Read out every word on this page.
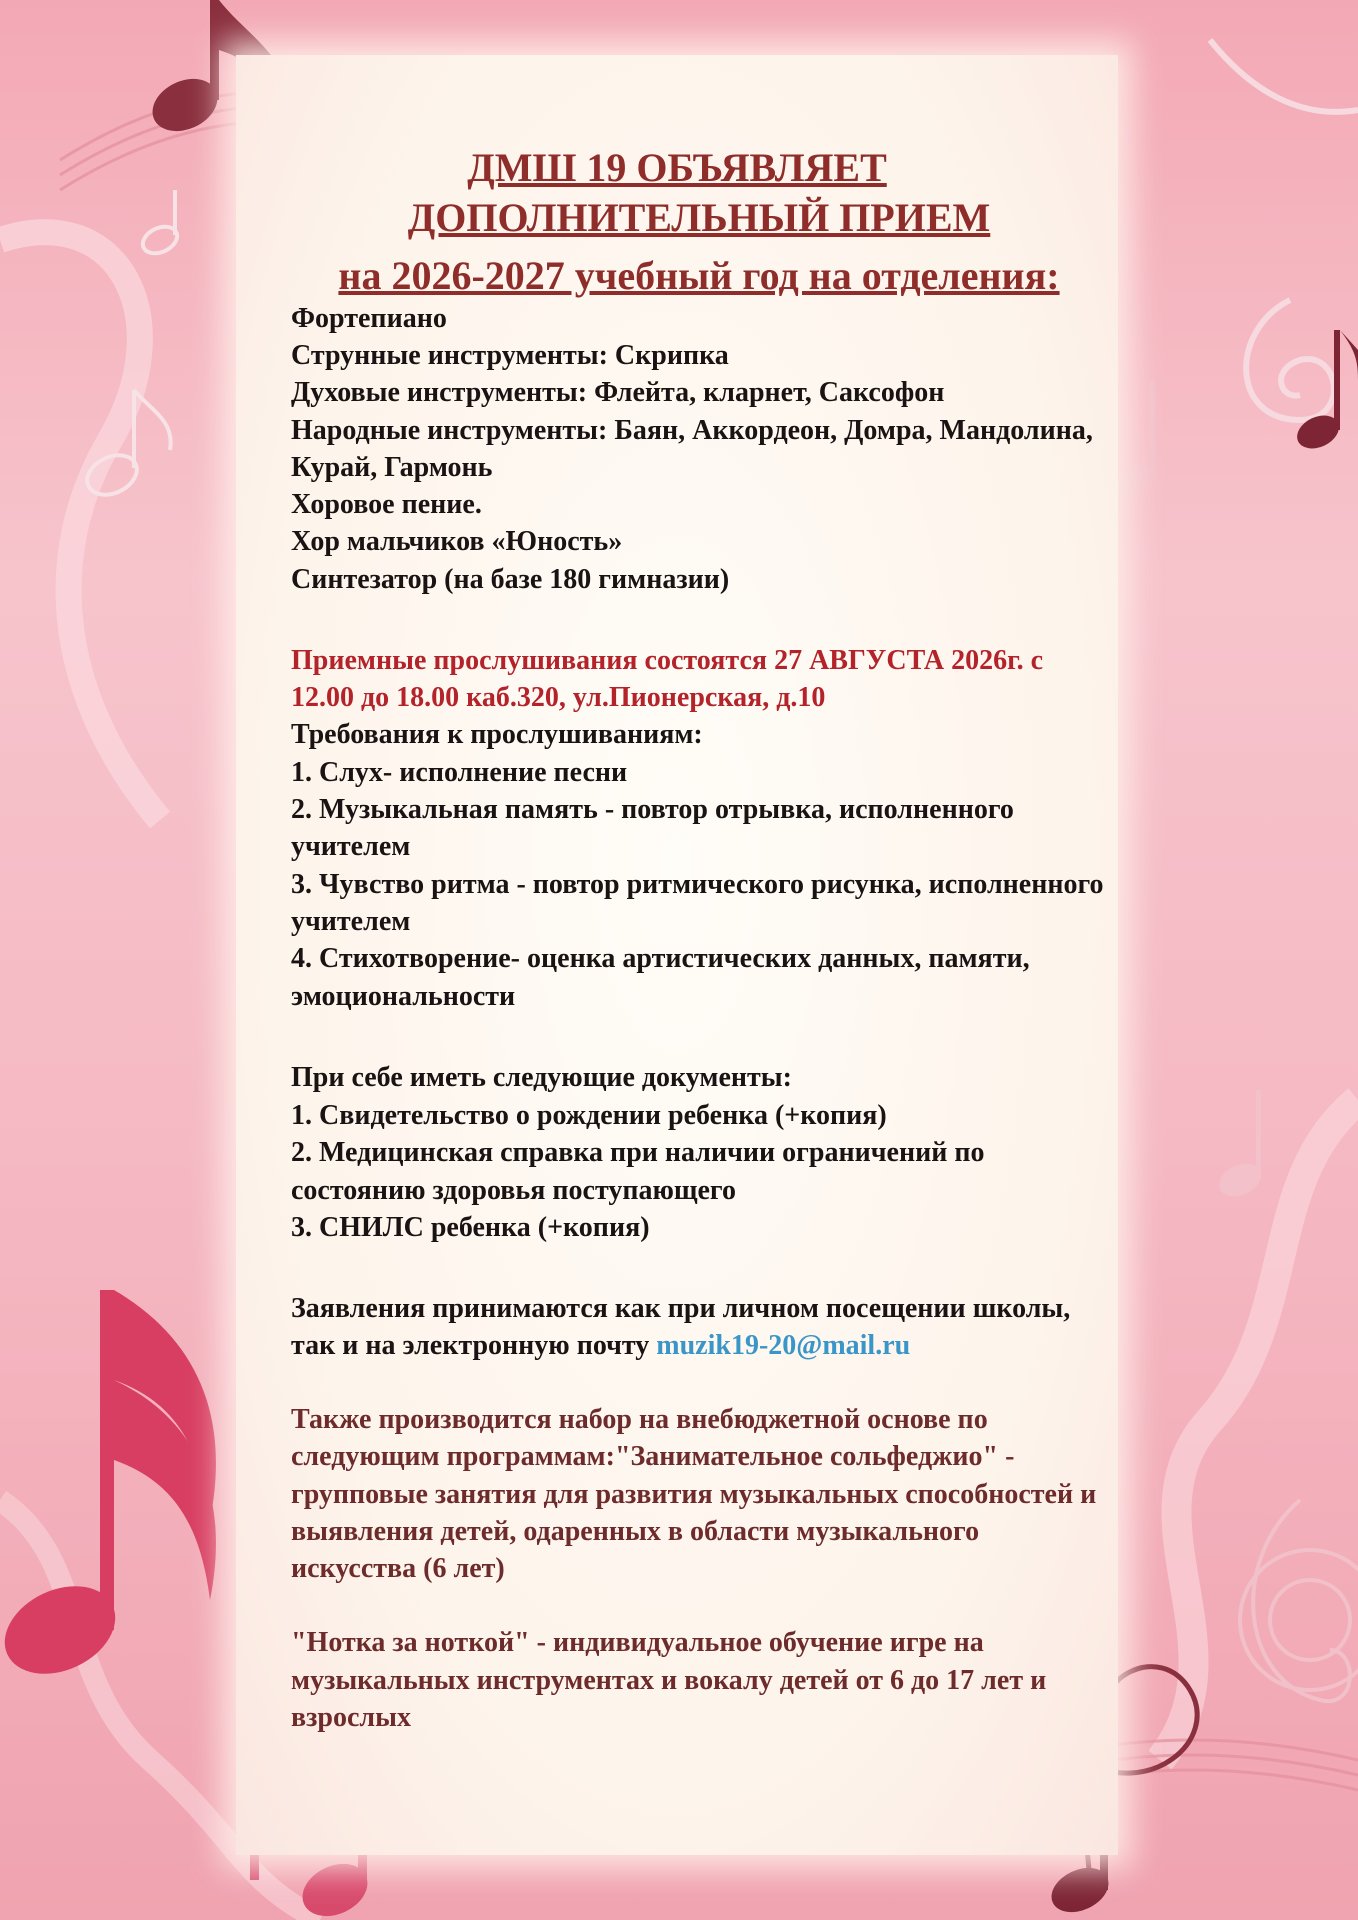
ДМШ 19 ОБЪЯВЛЯЕТ
ДОПОЛНИТЕЛЬНЫЙ ПРИЕМ
на 2026-2027 учебный год на отделения:

Фортепиано

Струнные инструменты: Скрипка

Духовые инструменты: Флейта, кларнет, Саксофон

Народные инструменты: Баян, Аккордеон, Домра, Мандолина,

Курай, Гармонь

Хоровое пение.

Хор мальчиков «Юность»

Синтезатор (на базе 180 гимназии)

Приемные прослушивания состоятся 27 АВГУСТА 2026г. с

12.00 до 18.00 каб.320, ул.Пионерская, д.10

Требования к прослушиваниям:

1. Слух- исполнение песни

2. Музыкальная память - повтор отрывка, исполненного

учителем

3. Чувство ритма - повтор ритмического рисунка, исполненного

учителем

4. Стихотворение- оценка артистических данных, памяти,

эмоциональности

При себе иметь следующие документы:

1. Свидетельство о рождении ребенка (+копия)

2. Медицинская справка при наличии ограничений по

состоянию здоровья поступающего

3. СНИЛС ребенка (+копия)

Заявления принимаются как при личном посещении школы,

так и на электронную почту muzik19-20@mail.ru

Также производится набор на внебюджетной основе по

следующим программам:"Занимательное сольфеджио" -

групповые занятия для развития музыкальных способностей и

выявления детей, одаренных в области музыкального

искусства (6 лет)

"Нотка за ноткой" - индивидуальное обучение игре на

музыкальных инструментах и вокалу детей от 6 до 17 лет и

взрослых
